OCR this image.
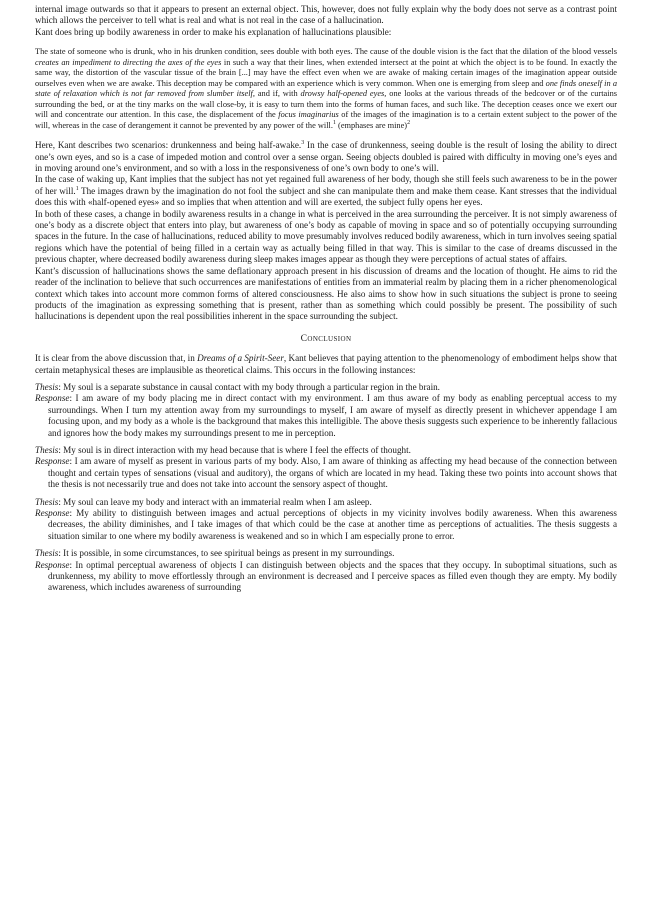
internal image outwards so that it appears to present an external object. This, however, does not fully explain why the body does not serve as a contrast point which allows the perceiver to tell what is real and what is not real in the case of a hallucination.

Kant does bring up bodily awareness in order to make his explanation of hallucinations plausible:

The state of someone who is drunk, who in his drunken condition, sees double with both eyes. The cause of the double vision is the fact that the dilation of the blood vessels creates an impediment to directing the axes of the eyes in such a way that their lines, when extended intersect at the point at which the object is to be found. In exactly the same way, the distortion of the vascular tissue of the brain [...] may have the effect even when we are awake of making certain images of the imagination appear outside ourselves even when we are awake. This deception may be compared with an experience which is very common. When one is emerging from sleep and one finds oneself in a state of relaxation which is not far removed from slumber itself, and if, with drowsy half-opened eyes, one looks at the various threads of the bedcover or of the curtains surrounding the bed, or at the tiny marks on the wall close-by, it is easy to turn them into the forms of human faces, and such like. The deception ceases once we exert our will and concentrate our attention. In this case, the displacement of the focus imaginarius of the images of the imagination is to a certain extent subject to the power of the will, whereas in the case of derangement it cannot be prevented by any power of the will.$^1$ (emphases are mine)$^2$

Here, Kant describes two scenarios: drunkenness and being half-awake.$^3$ In the case of drunkenness, seeing double is the result of losing the ability to direct one’s own eyes, and so is a case of impeded motion and control over a sense organ. Seeing objects doubled is paired with difficulty in moving one’s eyes and in moving around one’s environment, and so with a loss in the responsiveness of one’s own body to one’s will.

In the case of waking up, Kant implies that the subject has not yet regained full awareness of her body, though she still feels such awareness to be in the power of her will.$^1$ The images drawn by the imagination do not fool the subject and she can manipulate them and make them cease. Kant stresses that the individual does this with «half-opened eyes» and so implies that when attention and will are exerted, the subject fully opens her eyes.

In both of these cases, a change in bodily awareness results in a change in what is perceived in the area surrounding the perceiver. It is not simply awareness of one’s body as a discrete object that enters into play, but awareness of one’s body as capable of moving in space and so of potentially occupying surrounding spaces in the future. In the case of hallucinations, reduced ability to move presumably involves reduced bodily awareness, which in turn involves seeing spatial regions which have the potential of being filled in a certain way as actually being filled in that way. This is similar to the case of dreams discussed in the previous chapter, where decreased bodily awareness during sleep makes images appear as though they were perceptions of actual states of affairs.

Kant’s discussion of hallucinations shows the same deflationary approach present in his discussion of dreams and the location of thought. He aims to rid the reader of the inclination to believe that such occurrences are manifestations of entities from an immaterial realm by placing them in a richer phenomenological context which takes into account more common forms of altered consciousness. He also aims to show how in such situations the subject is prone to seeing products of the imagination as expressing something that is present, rather than as something which could possibly be present. The possibility of such hallucinations is dependent upon the real possibilities inherent in the space surrounding the subject.

Conclusion

It is clear from the above discussion that, in Dreams of a Spirit-Seer, Kant believes that paying attention to the phenomenology of embodiment helps show that certain metaphysical theses are implausible as theoretical claims. This occurs in the following instances:

Thesis: My soul is a separate substance in causal contact with my body through a particular region in the brain.

Response: I am aware of my body placing me in direct contact with my environment. I am thus aware of my body as enabling perceptual access to my surroundings. When I turn my attention away from my surroundings to myself, I am aware of myself as directly present in whichever appendage I am focusing upon, and my body as a whole is the background that makes this intelligible. The above thesis suggests such experience to be inherently fallacious and ignores how the body makes my surroundings present to me in perception.

Thesis: My soul is in direct interaction with my head because that is where I feel the effects of thought.

Response: I am aware of myself as present in various parts of my body. Also, I am aware of thinking as affecting my head because of the connection between thought and certain types of sensations (visual and auditory), the organs of which are located in my head. Taking these two points into account shows that the thesis is not necessarily true and does not take into account the sensory aspect of thought.

Thesis: My soul can leave my body and interact with an immaterial realm when I am asleep.

Response: My ability to distinguish between images and actual perceptions of objects in my vicinity involves bodily awareness. When this awareness decreases, the ability diminishes, and I take images of that which could be the case at another time as perceptions of actualities. The thesis suggests a situation similar to one where my bodily awareness is weakened and so in which I am especially prone to error.

Thesis: It is possible, in some circumstances, to see spiritual beings as present in my surroundings.

Response: In optimal perceptual awareness of objects I can distinguish between objects and the spaces that they occupy. In suboptimal situations, such as drunkenness, my ability to move effortlessly through an environment is decreased and I perceive spaces as filled even though they are empty. My bodily awareness, which includes awareness of surrounding
